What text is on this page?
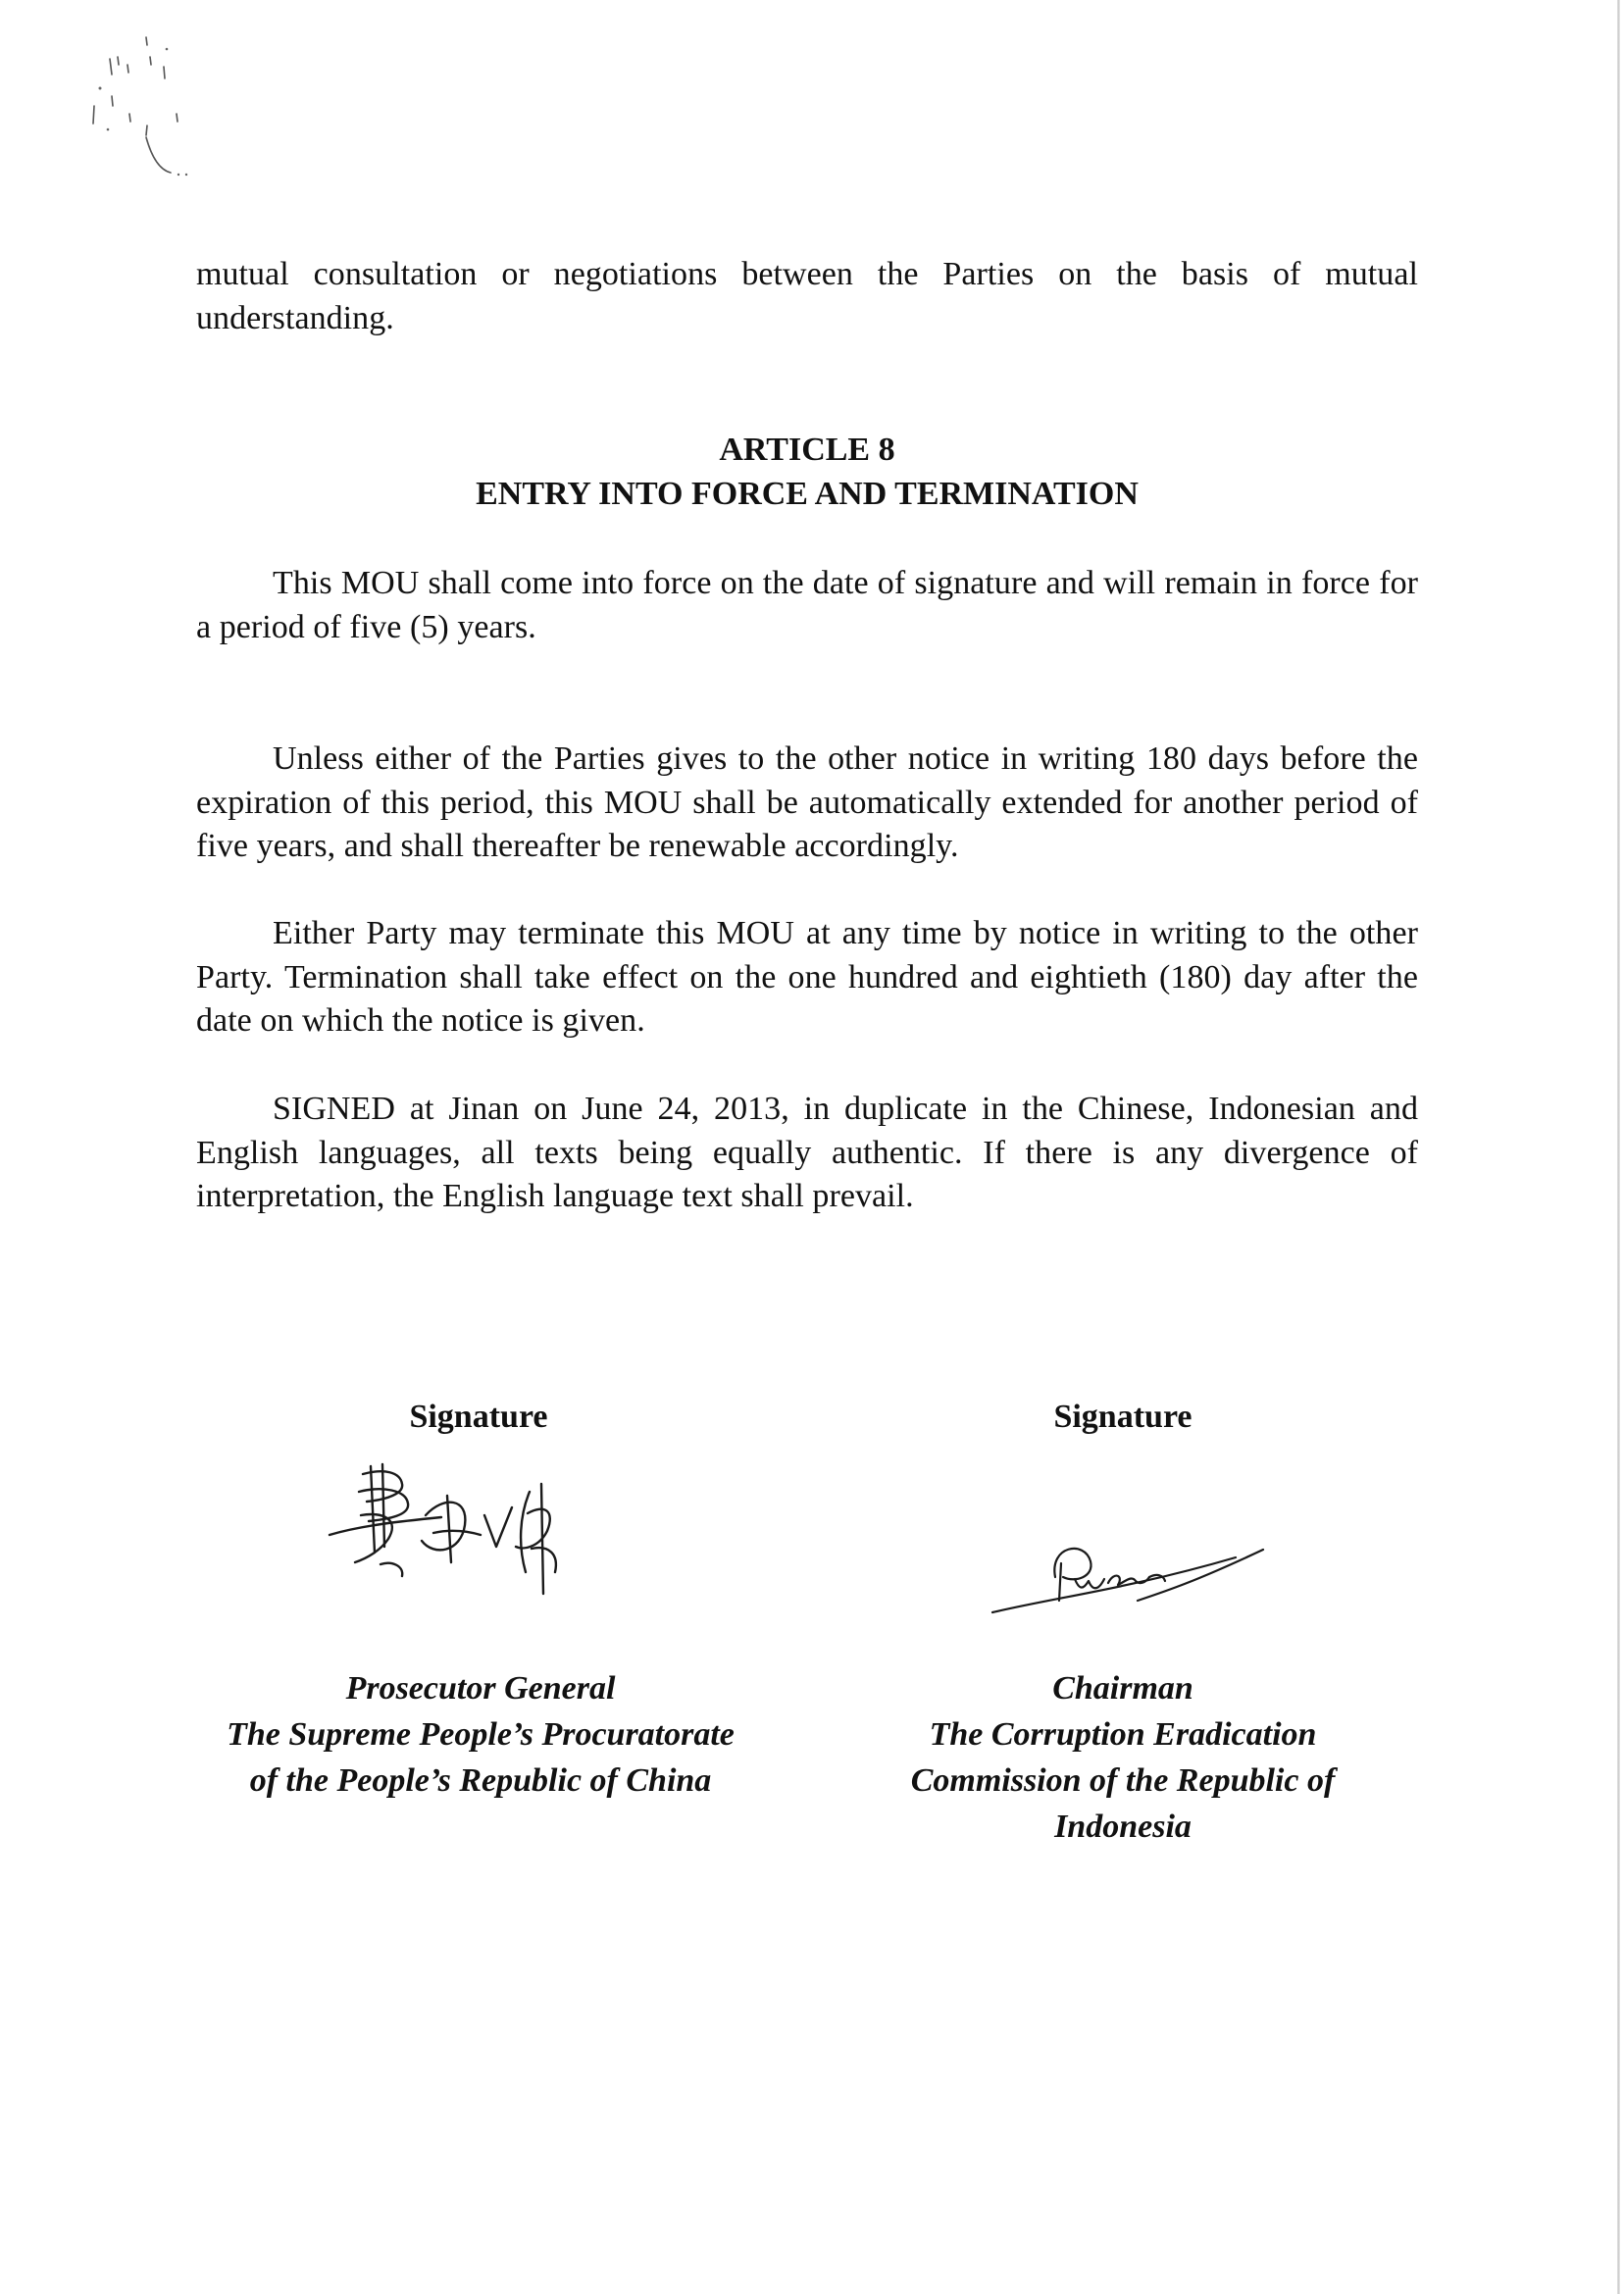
mutual consultation or negotiations between the Parties on the basis of mutual understanding.

ARTICLE 8
ENTRY INTO FORCE AND TERMINATION

This MOU shall come into force on the date of signature and will remain in force for a period of five (5) years.

Unless either of the Parties gives to the other notice in writing 180 days before the expiration of this period, this MOU shall be automatically extended for another period of five years, and shall thereafter be renewable accordingly.

Either Party may terminate this MOU at any time by notice in writing to the other Party. Termination shall take effect on the one hundred and eightieth (180) day after the date on which the notice is given.

SIGNED at Jinan on June 24, 2013, in duplicate in the Chinese, Indonesian and English languages, all texts being equally authentic. If there is any divergence of interpretation, the English language text shall prevail.

Signature	Signature
Prosecutor General
The Supreme People’s Procuratorate
of the People’s Republic of China
Chairman
The Corruption Eradication
Commission of the Republic of
Indonesia
